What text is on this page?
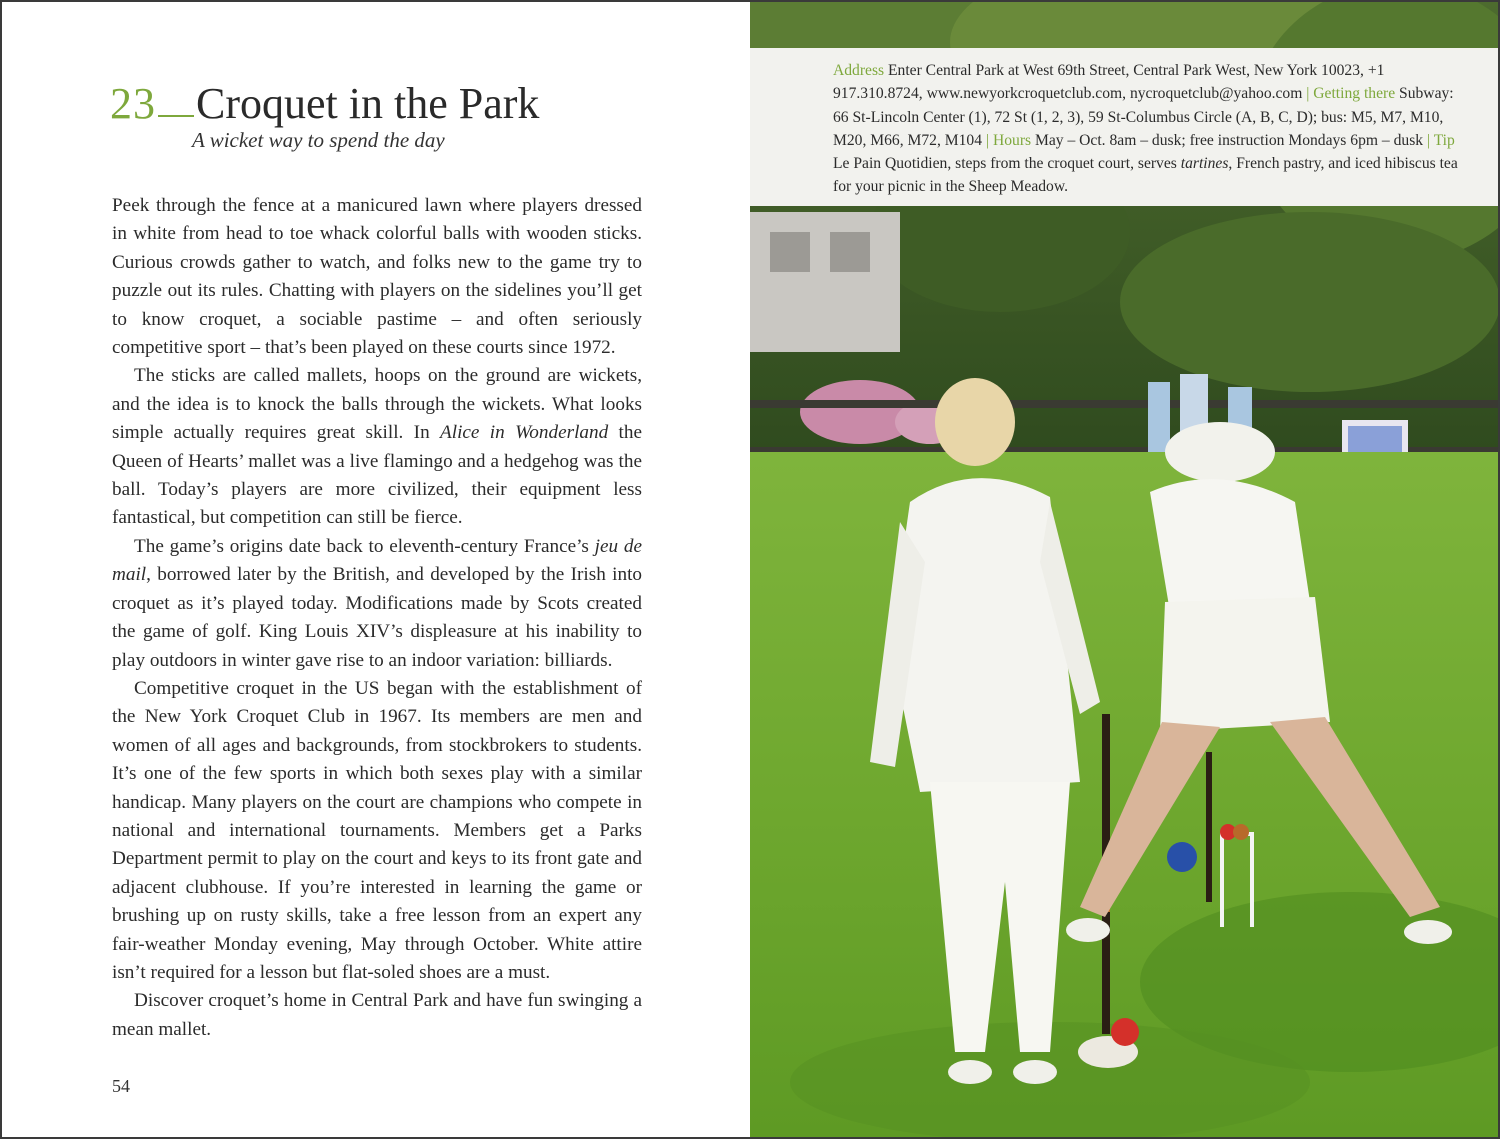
23 Croquet in the Park
A wicket way to spend the day

Peek through the fence at a manicured lawn where players dressed in white from head to toe whack colorful balls with wooden sticks. Curious crowds gather to watch, and folks new to the game try to puzzle out its rules. Chatting with players on the sidelines you’ll get to know croquet, a sociable pastime – and often seriously competitive sport – that’s been played on these courts since 1972.

The sticks are called mallets, hoops on the ground are wickets, and the idea is to knock the balls through the wickets. What looks simple actually requires great skill. In Alice in Wonderland the Queen of Hearts’ mallet was a live flamingo and a hedgehog was the ball. Today’s players are more civilized, their equipment less fantastical, but competition can still be fierce.

The game’s origins date back to eleventh-century France’s jeu de mail, borrowed later by the British, and developed by the Irish into croquet as it’s played today. Modifications made by Scots created the game of golf. King Louis XIV’s displeasure at his inability to play outdoors in winter gave rise to an indoor variation: billiards.

Competitive croquet in the US began with the establishment of the New York Croquet Club in 1967. Its members are men and women of all ages and backgrounds, from stockbrokers to students. It’s one of the few sports in which both sexes play with a similar handicap. Many players on the court are champions who compete in national and international tournaments. Members get a Parks Department permit to play on the court and keys to its front gate and adjacent clubhouse. If you’re interested in learning the game or brushing up on rusty skills, take a free lesson from an expert any fair-weather Monday evening, May through October. White attire isn’t required for a lesson but flat-soled shoes are a must.

Discover croquet’s home in Central Park and have fun swinging a mean mallet.

54
Address Enter Central Park at West 69th Street, Central Park West, New York 10023, +1 917.310.8724, www.newyorkcroquetclub.com, nycroquetclub@yahoo.com | Getting there Subway: 66 St-Lincoln Center (1), 72 St (1, 2, 3), 59 St-Columbus Circle (A, B, C, D); bus: M5, M7, M10, M20, M66, M72, M104 | Hours May – Oct. 8am – dusk; free instruction Mondays 6pm – dusk | Tip Le Pain Quotidien, steps from the croquet court, serves tartines, French pastry, and iced hibiscus tea for your picnic in the Sheep Meadow.
